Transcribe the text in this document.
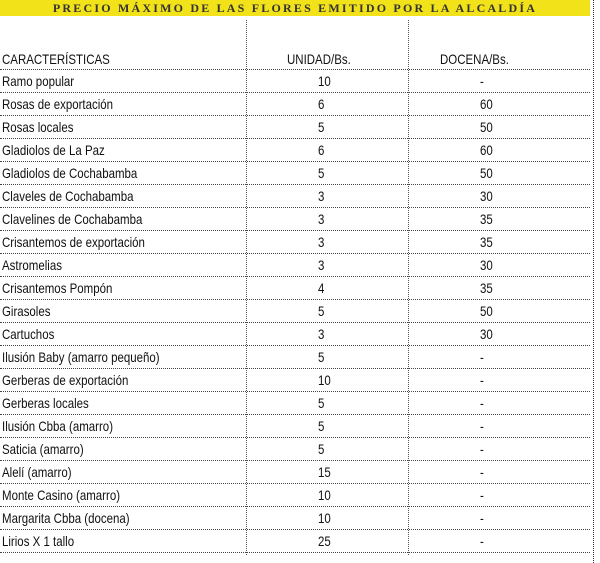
PRECIO MÁXIMO DE LAS FLORES EMITIDO POR LA ALCALDÍA
CARACTERÍSTICAS	UNIDAD/Bs.	DOCENA/Bs.
Ramo popular	10	-
Rosas de exportación	6	60
Rosas locales	5	50
Gladiolos de La Paz	6	60
Gladiolos de Cochabamba	5	50
Claveles de Cochabamba	3	30
Clavelines de Cochabamba	3	35
Crisantemos de exportación	3	35
Astromelias	3	30
Crisantemos Pompón	4	35
Girasoles	5	50
Cartuchos	3	30
Ilusión Baby (amarro pequeño)	5	-
Gerberas de exportación	10	-
Gerberas locales	5	-
Ilusión Cbba (amarro)	5	-
Saticia (amarro)	5	-
Alelí (amarro)	15	-
Monte Casino (amarro)	10	-
Margarita Cbba (docena)	10	-
Lirios X 1 tallo	25	-
